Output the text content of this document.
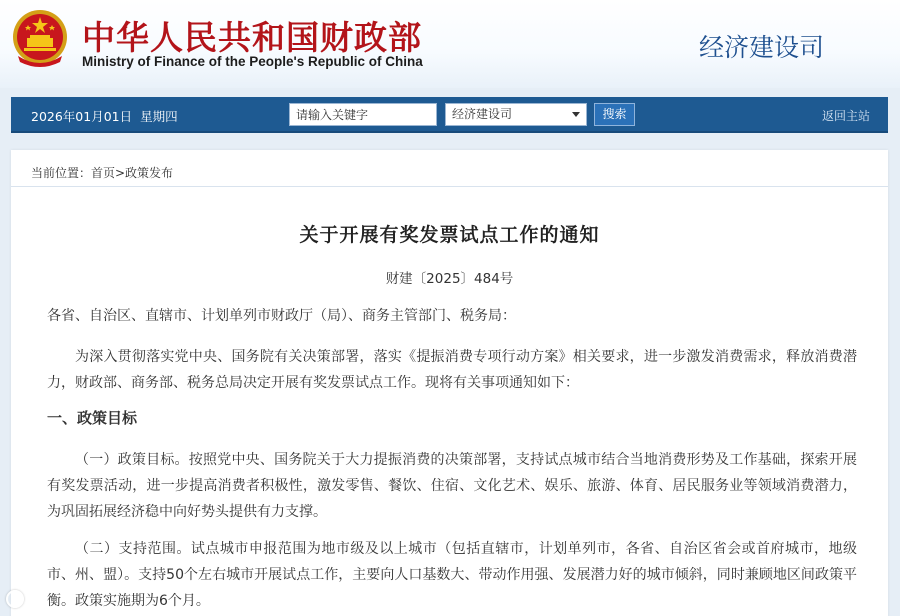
中华人民共和国财政部
Ministry of Finance of the People's Republic of China	经济建设司
2026年01月01日 星期四
请输入关键字	经济建设司	搜索	返回主站
当前位置：首页>政策发布
关于开展有奖发票试点工作的通知
财建〔2025〕484号

各省、自治区、直辖市、计划单列市财政厅（局）、商务主管部门、税务局：

为深入贯彻落实党中央、国务院有关决策部署，落实《提振消费专项行动方案》相关要求，进一步激发消费需求，释放消费潜力，财政部、商务部、税务总局决定开展有奖发票试点工作。现将有关事项通知如下：

一、政策目标

（一）政策目标。按照党中央、国务院关于大力提振消费的决策部署，支持试点城市结合当地消费形势及工作基础，探索开展有奖发票活动，进一步提高消费者积极性，激发零售、餐饮、住宿、文化艺术、娱乐、旅游、体育、居民服务业等领域消费潜力，为巩固拓展经济稳中向好势头提供有力支撑。

（二）支持范围。试点城市申报范围为地市级及以上城市（包括直辖市，计划单列市，各省、自治区省会或首府城市，地级市、州、盟）。支持50个左右城市开展试点工作，主要向人口基数大、带动作用强、发展潜力好的城市倾斜，同时兼顾地区间政策平衡。政策实施期为6个月。
